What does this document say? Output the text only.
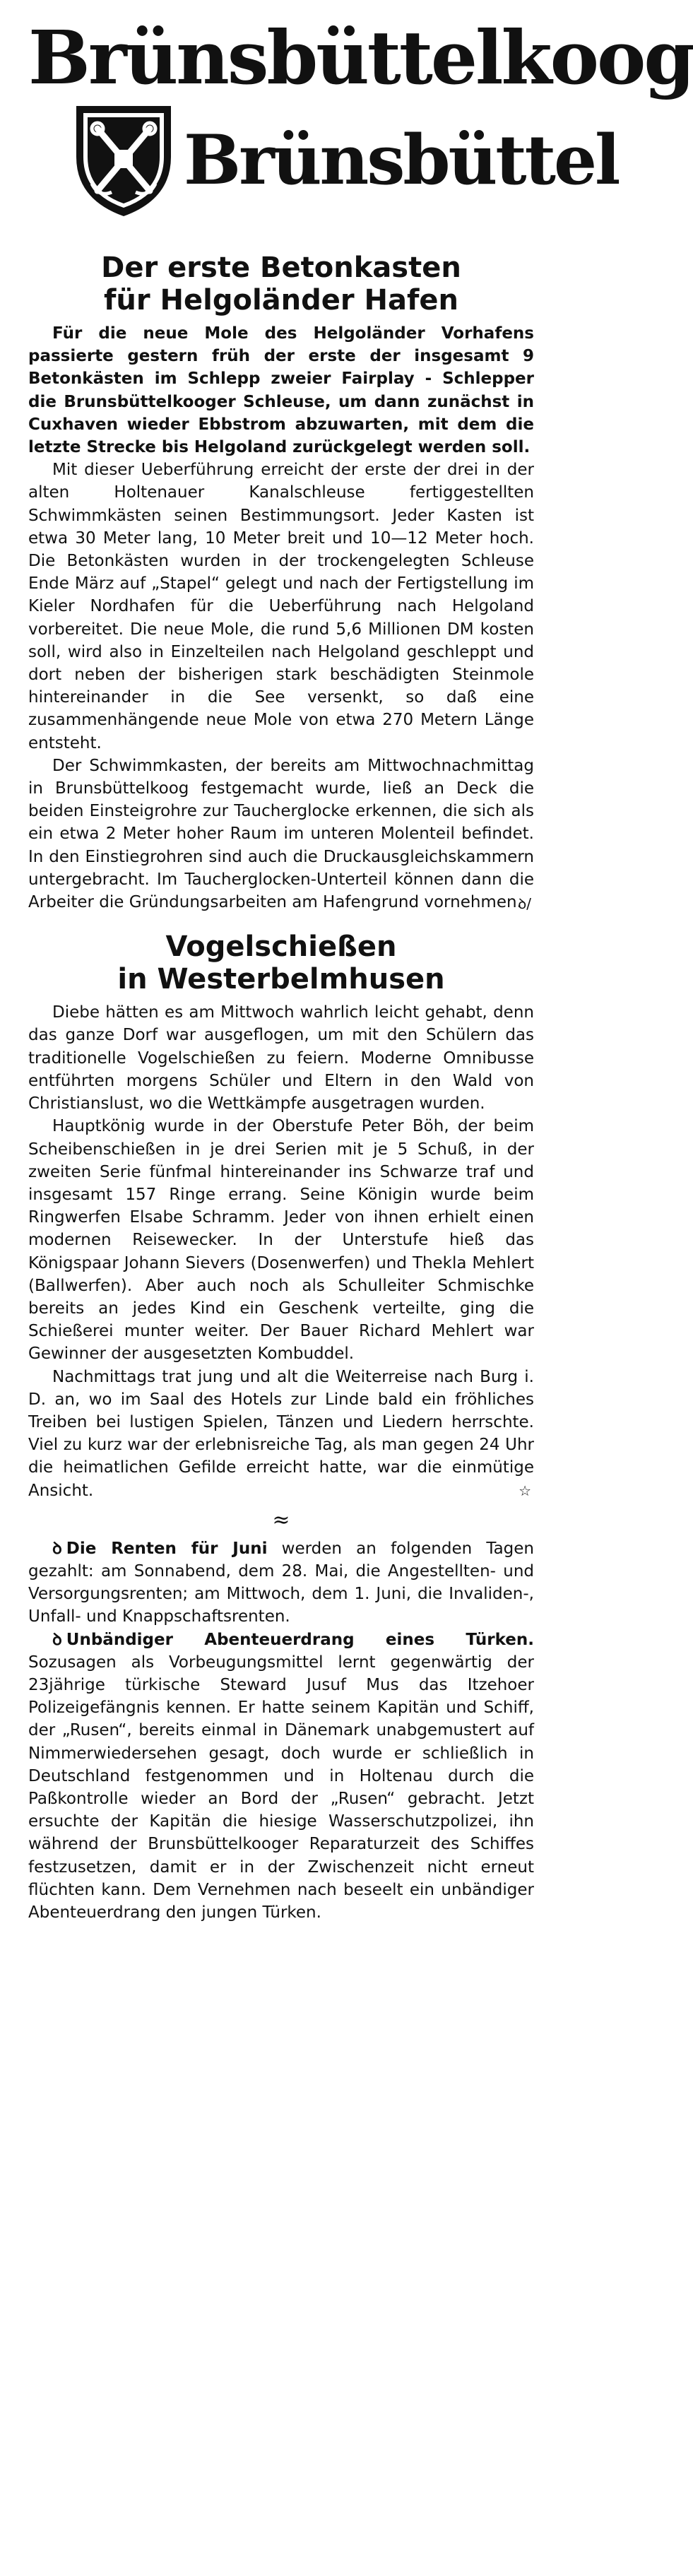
Brünsbüttelkoog
Brünsbüttel
Der erste Betonkasten
für Helgoländer Hafen

Für die neue Mole des Helgoländer Vorhafens passierte gestern früh der erste der insgesamt 9 Betonkästen im Schlepp zweier Fairplay - Schlepper die Brunsbüttelkooger Schleuse, um dann zunächst in Cuxhaven wieder Ebbstrom abzuwarten, mit dem die letzte Strecke bis Helgoland zurückgelegt werden soll.

Mit dieser Ueberführung erreicht der erste der drei in der alten Holtenauer Kanalschleuse fertiggestellten Schwimmkästen seinen Bestimmungsort. Jeder Kasten ist etwa 30 Meter lang, 10 Meter breit und 10—12 Meter hoch. Die Betonkästen wurden in der trockengelegten Schleuse Ende März auf „Stapel“ gelegt und nach der Fertigstellung im Kieler Nordhafen für die Ueberführung nach Helgoland vorbereitet. Die neue Mole, die rund 5,6 Millionen DM kosten soll, wird also in Einzelteilen nach Helgoland geschleppt und dort neben der bisherigen stark beschädigten Steinmole hintereinander in die See versenkt, so daß eine zusammenhängende neue Mole von etwa 270 Metern Länge entsteht.

Der Schwimmkasten, der bereits am Mittwochnachmittag in Brunsbüttelkoog festgemacht wurde, ließ an Deck die beiden Einsteigrohre zur Taucherglocke erkennen, die sich als ein etwa 2 Meter hoher Raum im unteren Molenteil befindet. In den Einstiegrohren sind auch die Druckausgleichskammern untergebracht. Im Taucherglocken-Unterteil können dann die Arbeiter die Gründungsarbeiten am Hafengrund vornehmen.

ꝺ/
Vogelschießen
in Westerbelmhusen

Diebe hätten es am Mittwoch wahrlich leicht gehabt, denn das ganze Dorf war ausgeflogen, um mit den Schülern das traditionelle Vogelschießen zu feiern. Moderne Omnibusse entführten morgens Schüler und Eltern in den Wald von Christianslust, wo die Wettkämpfe ausgetragen wurden.

Hauptkönig wurde in der Oberstufe Peter Böh, der beim Scheibenschießen in je drei Serien mit je 5 Schuß, in der zweiten Serie fünfmal hintereinander ins Schwarze traf und insgesamt 157 Ringe errang. Seine Königin wurde beim Ringwerfen Elsabe Schramm. Jeder von ihnen erhielt einen modernen Reisewecker. In der Unterstufe hieß das Königspaar Johann Sievers (Dosenwerfen) und Thekla Mehlert (Ballwerfen). Aber auch noch als Schulleiter Schmischke bereits an jedes Kind ein Geschenk verteilte, ging die Schießerei munter weiter. Der Bauer Richard Mehlert war Gewinner der ausgesetzten Kombuddel.

Nachmittags trat jung und alt die Weiterreise nach Burg i. D. an, wo im Saal des Hotels zur Linde bald ein fröhliches Treiben bei lustigen Spielen, Tänzen und Liedern herrschte. Viel zu kurz war der erlebnisreiche Tag, als man gegen 24 Uhr die heimatlichen Gefilde erreicht hatte, war die einmütige Ansicht.	☆
≈

ꝺ Die Renten für Juni werden an folgenden Tagen gezahlt: am Sonnabend, dem 28. Mai, die Angestellten- und Versorgungsrenten; am Mittwoch, dem 1. Juni, die Invaliden-, Unfall- und Knappschaftsrenten.

ꝺ Unbändiger Abenteuerdrang eines Türken. Sozusagen als Vorbeugungsmittel lernt gegenwärtig der 23jährige türkische Steward Jusuf Mus das Itzehoer Polizeigefängnis kennen. Er hatte seinem Kapitän und Schiff, der „Rusen“, bereits einmal in Dänemark unabgemustert auf Nimmerwiedersehen gesagt, doch wurde er schließlich in Deutschland festgenommen und in Holtenau durch die Paßkontrolle wieder an Bord der „Rusen“ gebracht. Jetzt ersuchte der Kapitän die hiesige Wasserschutzpolizei, ihn während der Brunsbüttelkooger Reparaturzeit des Schiffes festzusetzen, damit er in der Zwischenzeit nicht erneut flüchten kann. Dem Vernehmen nach beseelt ein unbändiger Abenteuerdrang den jungen Türken.
